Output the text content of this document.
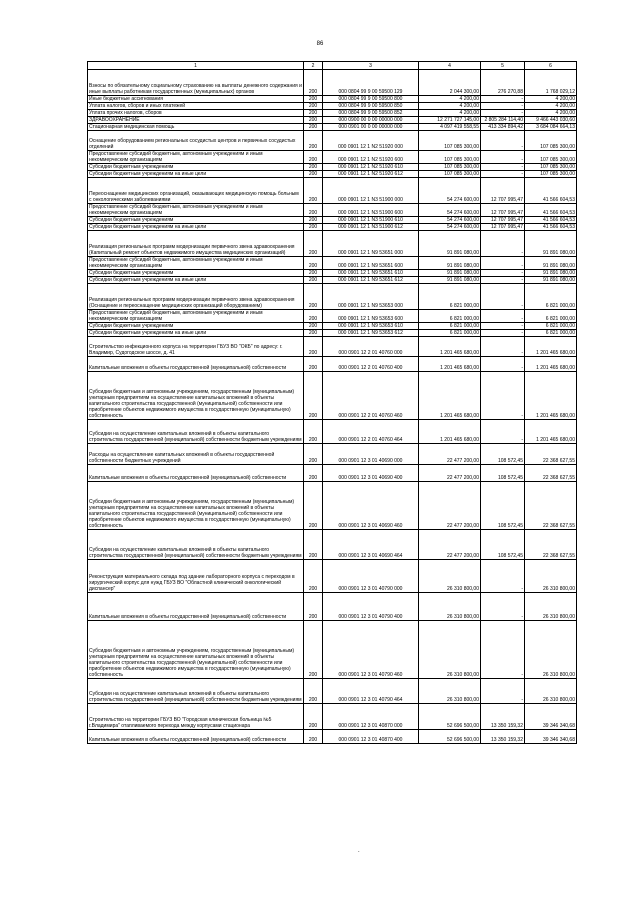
86
1	2	3	4	5	6
Взносы по обязательному социальному страхованию на выплаты денежного содержания и иные выплаты работникам государственных (муниципальных) органов	200	000 0804 99 9 00 59500 129	2 044 300,00	276 270,88	1 768 029,12
Иные бюджетные ассигнования	200	000 0804 99 9 00 59500 800	4 200,00	-	4 200,00
Уплата налогов, сборов и иных платежей	200	000 0804 99 9 00 59500 850	4 200,00	-	4 200,00
Уплата прочих налогов, сборов	200	000 0804 99 9 00 59500 852	4 200,00	-	4 200,00
ЗДРАВООХРАНЕНИЕ	200	000 0900 00 0 00 00000 000	12 271 727 145,00	2 805 284 114,40	9 466 443 030,60
Стационарная медицинская помощь	200	000 0901 00 0 00 00000 000	4 097 419 558,55	413 334 894,42	3 684 084 664,13
Оснащение оборудованием региональных сосудистых центров и первичных сосудистых отделений	200	000 0901 12 1 N2 51920 000	107 085 300,00	-	107 085 300,00
Предоставление субсидий бюджетным, автономным учреждениям и иным некоммерческим организациям	200	000 0901 12 1 N2 51920 600	107 085 300,00	-	107 085 300,00
Субсидии бюджетным учреждениям	200	000 0901 12 1 N2 51920 610	107 085 300,00	-	107 085 300,00
Субсидии бюджетным учреждениям на иные цели	200	000 0901 12 1 N2 51920 612	107 085 300,00	-	107 085 300,00
Переоснащение медицинских организаций, оказывающих медицинскую помощь больным с онкологическими заболеваниями	200	000 0901 12 1 N3 51900 000	54 274 600,00	12 707 995,47	41 566 604,53
Предоставление субсидий бюджетным, автономным учреждениям и иным некоммерческим организациям	200	000 0901 12 1 N3 51900 600	54 274 600,00	12 707 995,47	41 566 604,53
Субсидии бюджетным учреждениям	200	000 0901 12 1 N3 51900 610	54 274 600,00	12 707 995,47	41 566 604,53
Субсидии бюджетным учреждениям на иные цели	200	000 0901 12 1 N3 51900 612	54 274 600,00	12 707 995,47	41 566 604,53
Реализация региональных программ модернизации первичного звена здравоохранения (Капитальный ремонт объектов недвижимого имущества медицинских организаций)	200	000 0901 12 1 N9 53651 000	91 891 080,00	-	91 891 080,00
Предоставление субсидий бюджетным, автономным учреждениям и иным некоммерческим организациям	200	000 0901 12 1 N9 53651 600	91 891 080,00	-	91 891 080,00
Субсидии бюджетным учреждениям	200	000 0901 12 1 N9 53651 610	91 891 080,00	-	91 891 080,00
Субсидии бюджетным учреждениям на иные цели	200	000 0901 12 1 N9 53651 612	91 891 080,00	-	91 891 080,00
Реализация региональных программ модернизации первичного звена здравоохранения (Оснащение и переоснащение медицинских организаций оборудованием)	200	000 0901 12 1 N9 53653 000	6 821 000,00	-	6 821 000,00
Предоставление субсидий бюджетным, автономным учреждениям и иным некоммерческим организациям	200	000 0901 12 1 N9 53653 600	6 821 000,00	-	6 821 000,00
Субсидии бюджетным учреждениям	200	000 0901 12 1 N9 53653 610	6 821 000,00	-	6 821 000,00
Субсидии бюджетным учреждениям на иные цели	200	000 0901 12 1 N9 53653 612	6 821 000,00	-	6 821 000,00
Строительство инфекционного корпуса на территории ГБУЗ ВО "ОКБ" по адресу: г. Владимир, Судогодское шоссе, д. 41	200	000 0901 12 2 01 40760 000	1 201 465 680,00	-	1 201 465 680,00
Капитальные вложения в объекты государственной (муниципальной) собственности	200	000 0901 12 2 01 40760 400	1 201 465 680,00	-	1 201 465 680,00
Субсидии бюджетным и автономным учреждениям, государственным (муниципальным) унитарным предприятиям на осуществление капитальных вложений в объекты капитального строительства государственной (муниципальной) собственности или приобретение объектов недвижимого имущества в государственную (муниципальную) собственность	200	000 0901 12 2 01 40760 460	1 201 465 680,00	-	1 201 465 680,00
Субсидии на осуществление капитальных вложений в объекты капитального строительства государственной (муниципальной) собственности бюджетным учреждениям	200	000 0901 12 2 01 40760 464	1 201 465 680,00	-	1 201 465 680,00
Расходы на осуществление капитальных вложений в объекты государственной собственности бюджетных учреждений	200	000 0901 12 3 01 40690 000	22 477 200,00	108 572,45	22 368 627,55
Капитальные вложения в объекты государственной (муниципальной) собственности	200	000 0901 12 3 01 40690 400	22 477 200,00	108 572,45	22 368 627,55
Субсидии бюджетным и автономным учреждениям, государственным (муниципальным) унитарным предприятиям на осуществление капитальных вложений в объекты капитального строительства государственной (муниципальной) собственности или приобретение объектов недвижимого имущества в государственную (муниципальную) собственность	200	000 0901 12 3 01 40690 460	22 477 200,00	108 572,45	22 368 627,55
Субсидии на осуществление капитальных вложений в объекты капитального строительства государственной (муниципальной) собственности бюджетным учреждениям	200	000 0901 12 3 01 40690 464	22 477 200,00	108 572,45	22 368 627,55
Реконструкция материального склада под здание лабораторного корпуса с переходом в хирургический корпус для нужд ГБУЗ ВО "Областной клинический онкологический диспансер"	200	000 0901 12 3 01 40790 000	26 310 800,00	-	26 310 800,00
Капитальные вложения в объекты государственной (муниципальной) собственности	200	000 0901 12 3 01 40790 400	26 310 800,00	-	26 310 800,00
Субсидии бюджетным и автономным учреждениям, государственным (муниципальным) унитарным предприятиям на осуществление капитальных вложений в объекты капитального строительства государственной (муниципальной) собственности или приобретение объектов недвижимого имущества в государственную (муниципальную) собственность	200	000 0901 12 3 01 40790 460	26 310 800,00	-	26 310 800,00
Субсидии на осуществление капитальных вложений в объекты капитального строительства государственной (муниципальной) собственности бюджетным учреждениям	200	000 0901 12 3 01 40790 464	26 310 800,00	-	26 310 800,00
Строительство на территории ГБУЗ ВО "Городская клиническая больница №5 г.Владимира" отапливаемого перехода между корпусами стационара	200	000 0901 12 3 01 40870 000	52 696 500,00	13 350 159,32	39 346 340,68
Капитальные вложения в объекты государственной (муниципальной) собственности	200	000 0901 12 3 01 40870 400	52 696 500,00	13 350 159,32	39 346 340,68
.
